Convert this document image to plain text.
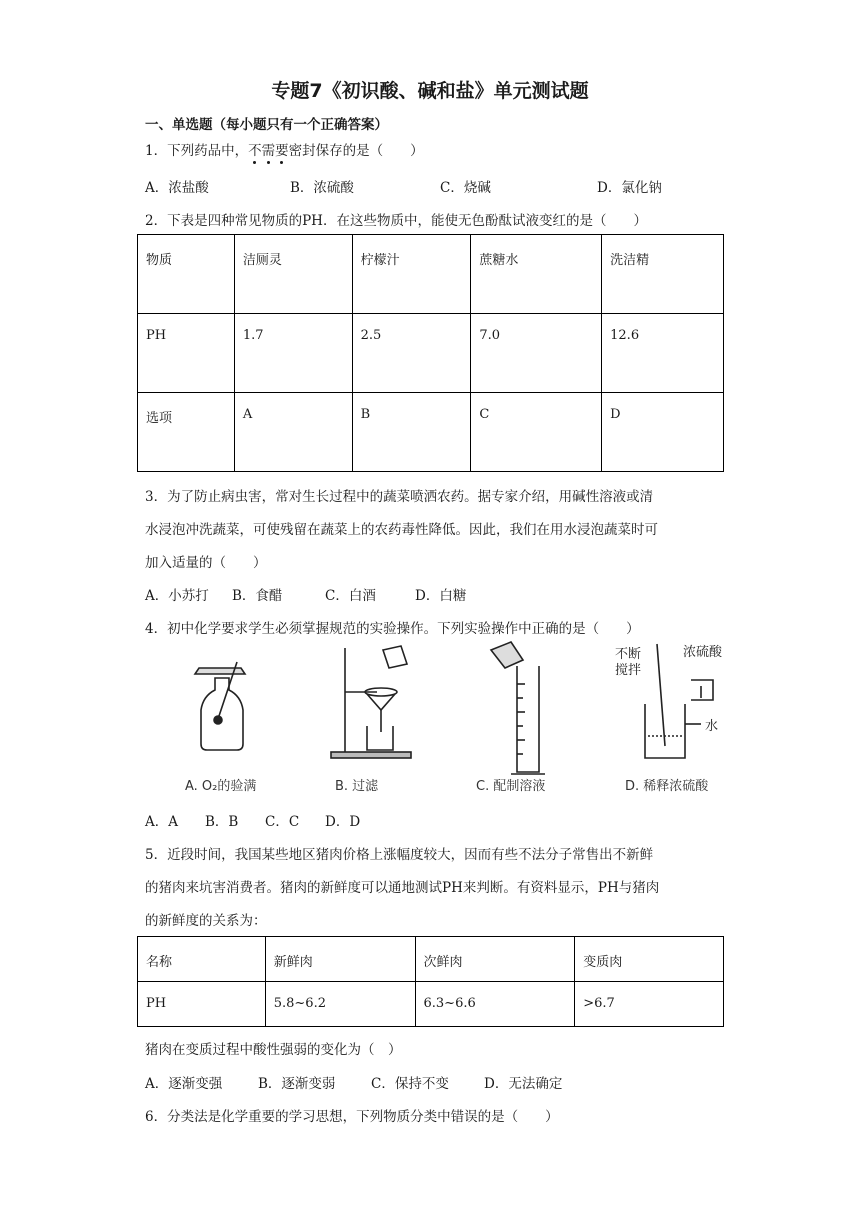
专题7《初识酸、碱和盐》单元测试题
一、单选题（每小题只有一个正确答案）
1．下列药品中，不需要密封保存的是（　　）
A．浓盐酸	B．浓硫酸	C．烧碱	D．氯化钠
2．下表是四种常见物质的PH．在这些物质中，能使无色酚酞试液变红的是（　　）
物质	洁厕灵	柠檬汁	蔗糖水	洗洁精
PH	1.7	2.5	7.0	12.6
选项	A	B	C	D
3．为了防止病虫害，常对生长过程中的蔬菜喷洒农药。据专家介绍，用碱性溶液或清
水浸泡冲洗蔬菜，可使残留在蔬菜上的农药毒性降低。因此，我们在用水浸泡蔬菜时可
加入适量的（　　）
A．小苏打 B．食醋	C．白酒	D．白糖
4．初中化学要求学生必须掌握规范的实验操作。下列实验操作中正确的是（　　）
不断
搅拌
浓硫酸
水
A. O₂的验满	B. 过滤	C. 配制溶液	D. 稀释浓硫酸
A．A B．B C．C D．D
5．近段时间，我国某些地区猪肉价格上涨幅度较大，因而有些不法分子常售出不新鲜
的猪肉来坑害消费者。猪肉的新鲜度可以通地测试PH来判断。有资料显示，PH与猪肉
的新鲜度的关系为：
名称	新鲜肉	次鲜肉	变质肉
PH	5.8~6.2	6.3~6.6	>6.7
猪肉在变质过程中酸性强弱的变化为（　）
A．逐渐变强	B．逐渐变弱	C．保持不变	D．无法确定
6．分类法是化学重要的学习思想，下列物质分类中错误的是（　　）
